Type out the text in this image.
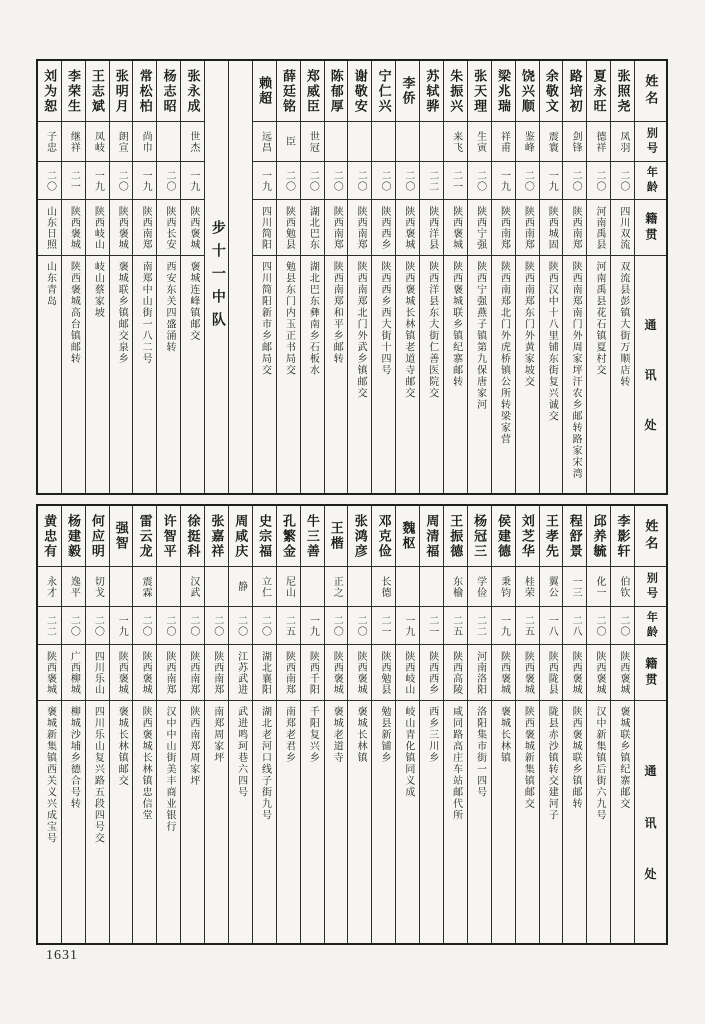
姓名
别号
年龄
籍贯
通
讯
处
张照尧
凤羽
二〇
四川双流
双流县彭镇大街万顺店转
夏永旺
德祥
二〇
河南禹县
河南禹县花石镇夏村交
路培初
剑锋
二〇
陕西南郑
陕西南郑南门外周家坪汗农乡邮转路家宋湾
余敬文
震寰
一九
陕西城固
陕西汉中十八里铺东街复兴诚交
饶兴顺
鉴峰
二〇
陕西南郑
陕西南郑东门外黄家坡交
梁兆瑞
祥甫
一九
陕西南郑
陕西南郑北门外虎桥镇公所转梁家营
张天理
生寅
二〇
陕西宁强
陕西宁强燕子镇第九保唐家河
朱振兴
来飞
二一
陕西褒城
陕西褒城联乡镇纪寨邮转
苏轼骅
二二
陕西洋县
陕西洋县东大街仁善医院交
李侨
二〇
陕西褒城
陕西褒城长林镇老道寺邮交
宁仁兴
二〇
陕西西乡
陕西西乡西大街十四号
谢敬安
二〇
陕西南郑
陕西南郑北门外武乡镇邮交
陈郁厚
二〇
陕西南郑
陕西南郑和平乡邮转
郑威臣
世冠
二〇
湖北巴东
湖北巴东彝南乡石板水
薛廷铭
臣
二〇
陕西勉县
勉县东门内玉正书局交
赖超
远昌
一九
四川简阳
四川简阳新市乡邮局交
步十一中队
张永成
世杰
一九
陕西褒城
褒城连峰镇邮交
杨志昭
二〇
陕西长安
西安东关四盛涌转
常松柏
尚巾
一九
陕西南郑
南郑中山街一八二号
张明月
朗宣
二〇
陕西褒城
褒城联乡镇邮交泉乡
王志斌
凤岐
一九
陕西岐山
岐山蔡家坡
李荣生
继祥
二一
陕西褒城
陕西褒城高台镇邮转
刘为恕
子忠
二〇
山东日照
山东青岛
姓名
别号
年龄
籍贯
通
讯
处
李影轩
伯钦
二〇
陕西褒城
褒城联乡镇纪寨邮交
邱养毓
化一
二〇
陕西褒城
汉中新集镇后街六九号
程舒景
一三
二八
陕西褒城
陕西褒城联乡镇邮转
王孝先
翼公
一八
陕西陇县
陇县赤沙镇转交建河子
刘芝华
桂荣
二五
陕西褒城
陕西褒城新集镇邮交
侯建德
秉钧
一九
陕西褒城
褒城长林镇
杨冠三
学俭
二二
河南洛阳
洛阳集市街一四号
王振德
东榆
二五
陕西高陵
咸同路高庄车站邮代所
周清福
二一
陕西西乡
西乡三川乡
魏枢
一九
陕西岐山
岐山青化镇同义成
邓克俭
长德
二一
陕西勉县
勉县新铺乡
张鸿彦
二〇
陕西褒城
褒城长林镇
王楷
正之
二〇
陕西褒城
褒城老道寺
牛三善
一九
陕西千阳
千阳复兴乡
孔繁金
尼山
二五
陕西南郑
南郑老君乡
史宗福
立仁
二〇
湖北襄阳
湖北老河口线子街九号
周咸庆
静
二〇
江苏武进
武进鸣珂巷六四号
张嘉祥
二〇
陕西南郑
南郑周家坪
徐挺科
汉武
二〇
陕西南郑
陕西南郑周家坪
许智平
二〇
陕西南郑
汉中中山街美丰商业银行
雷云龙
震霖
二〇
陕西褒城
陕西褒城长林镇忠信堂
强智
一九
陕西褒城
褒城长林镇邮交
何应明
切戈
二〇
四川乐山
四川乐山复兴路五段四号交
杨建毅
逸平
二〇
广西柳城
柳城沙埔乡德合号转
黄忠有
永才
二二
陕西褒城
褒城新集镇西关义兴成宝号
1631
